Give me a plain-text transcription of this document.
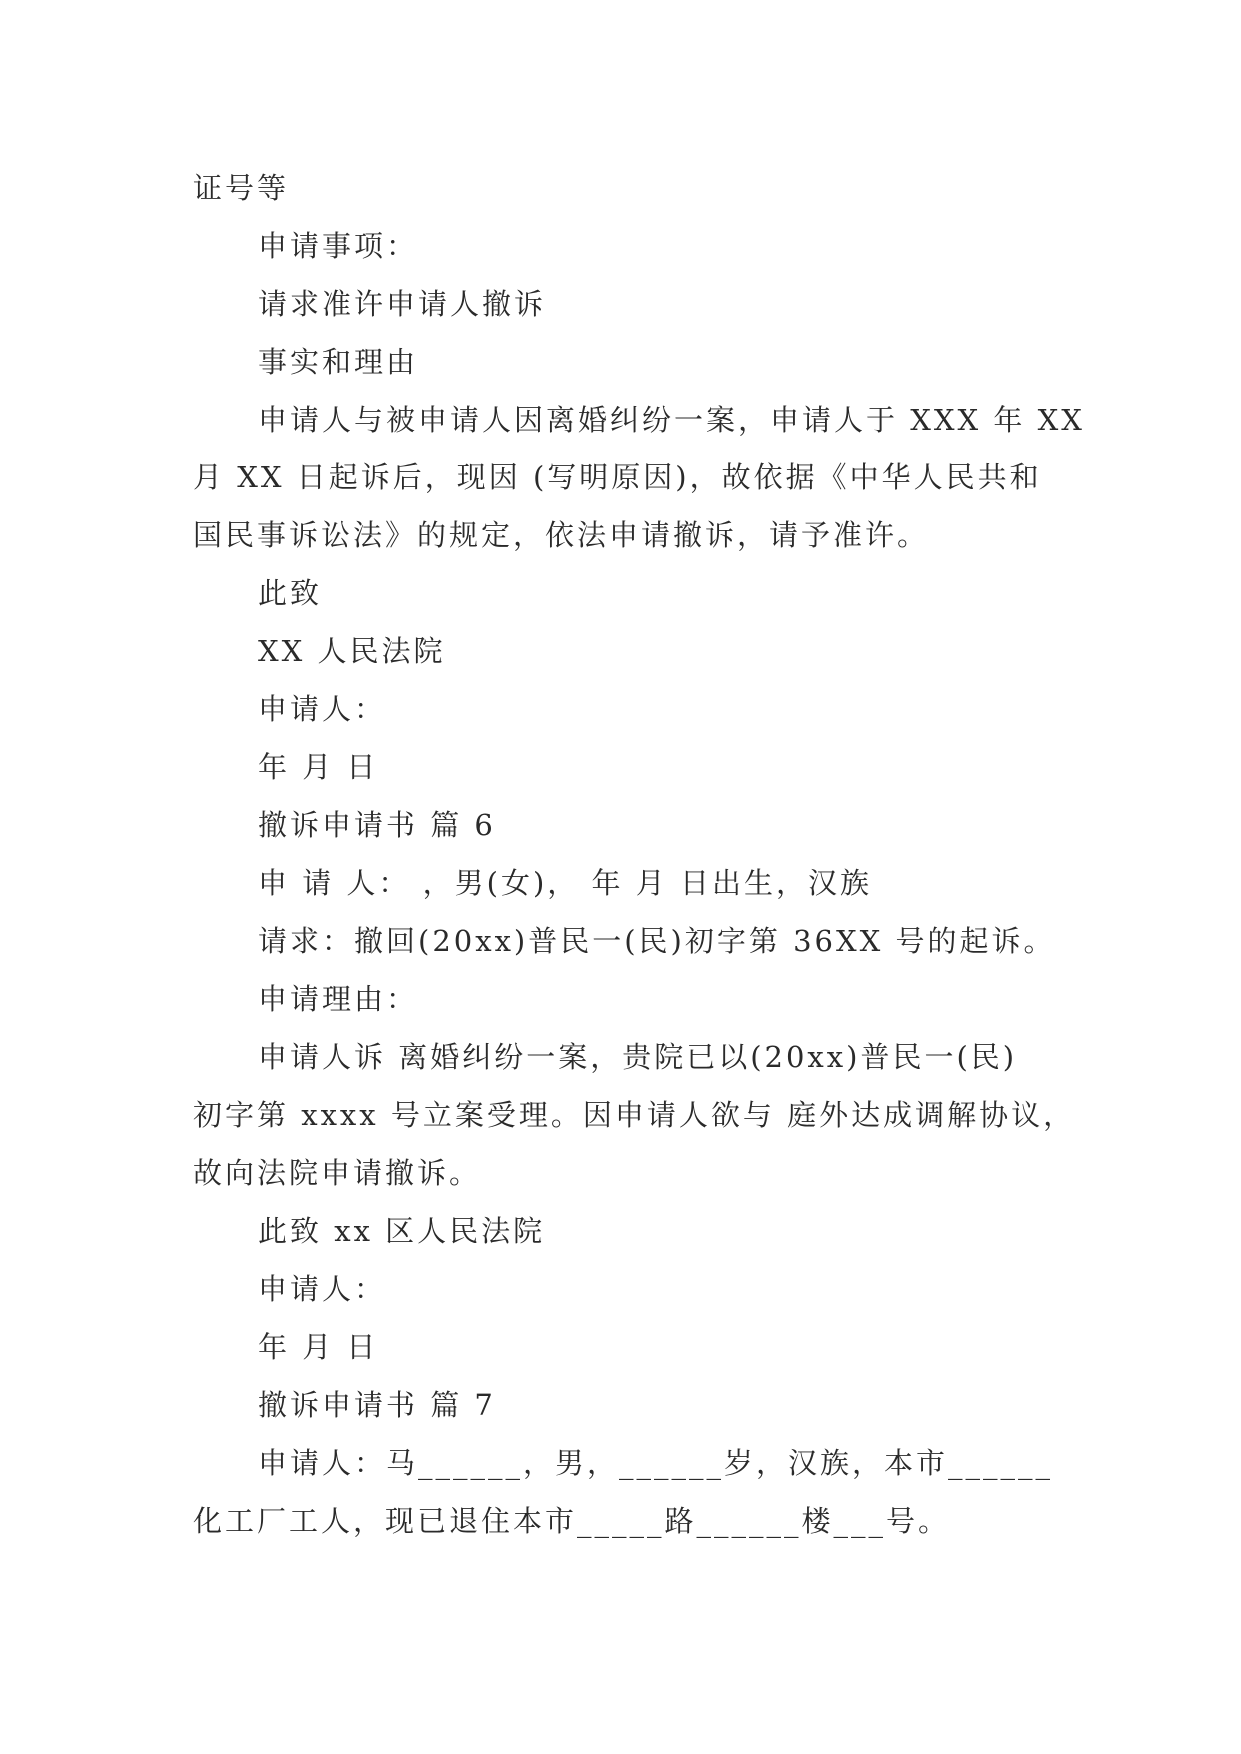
证号等
申请事项：
请求准许申请人撤诉
事实和理由
申请人与被申请人因离婚纠纷一案，申请人于 XXX 年 XX
月 XX 日起诉后，现因 (写明原因)，故依据《中华人民共和
国民事诉讼法》的规定，依法申请撤诉，请予准许。
此致
XX 人民法院
申请人：
年 月 日
撤诉申请书 篇 6
申 请 人： ，男(女)， 年 月 日出生，汉族
请求：撤回(20xx)普民一(民)初字第 36XX 号的起诉。
申请理由：
申请人诉 离婚纠纷一案，贵院已以(20xx)普民一(民)
初字第 xxxx 号立案受理。因申请人欲与 庭外达成调解协议，
故向法院申请撤诉。
此致 xx 区人民法院
申请人：
年 月 日
撤诉申请书 篇 7
申请人：马______，男，______岁，汉族，本市______
化工厂工人，现已退住本市_____路______楼___号。
